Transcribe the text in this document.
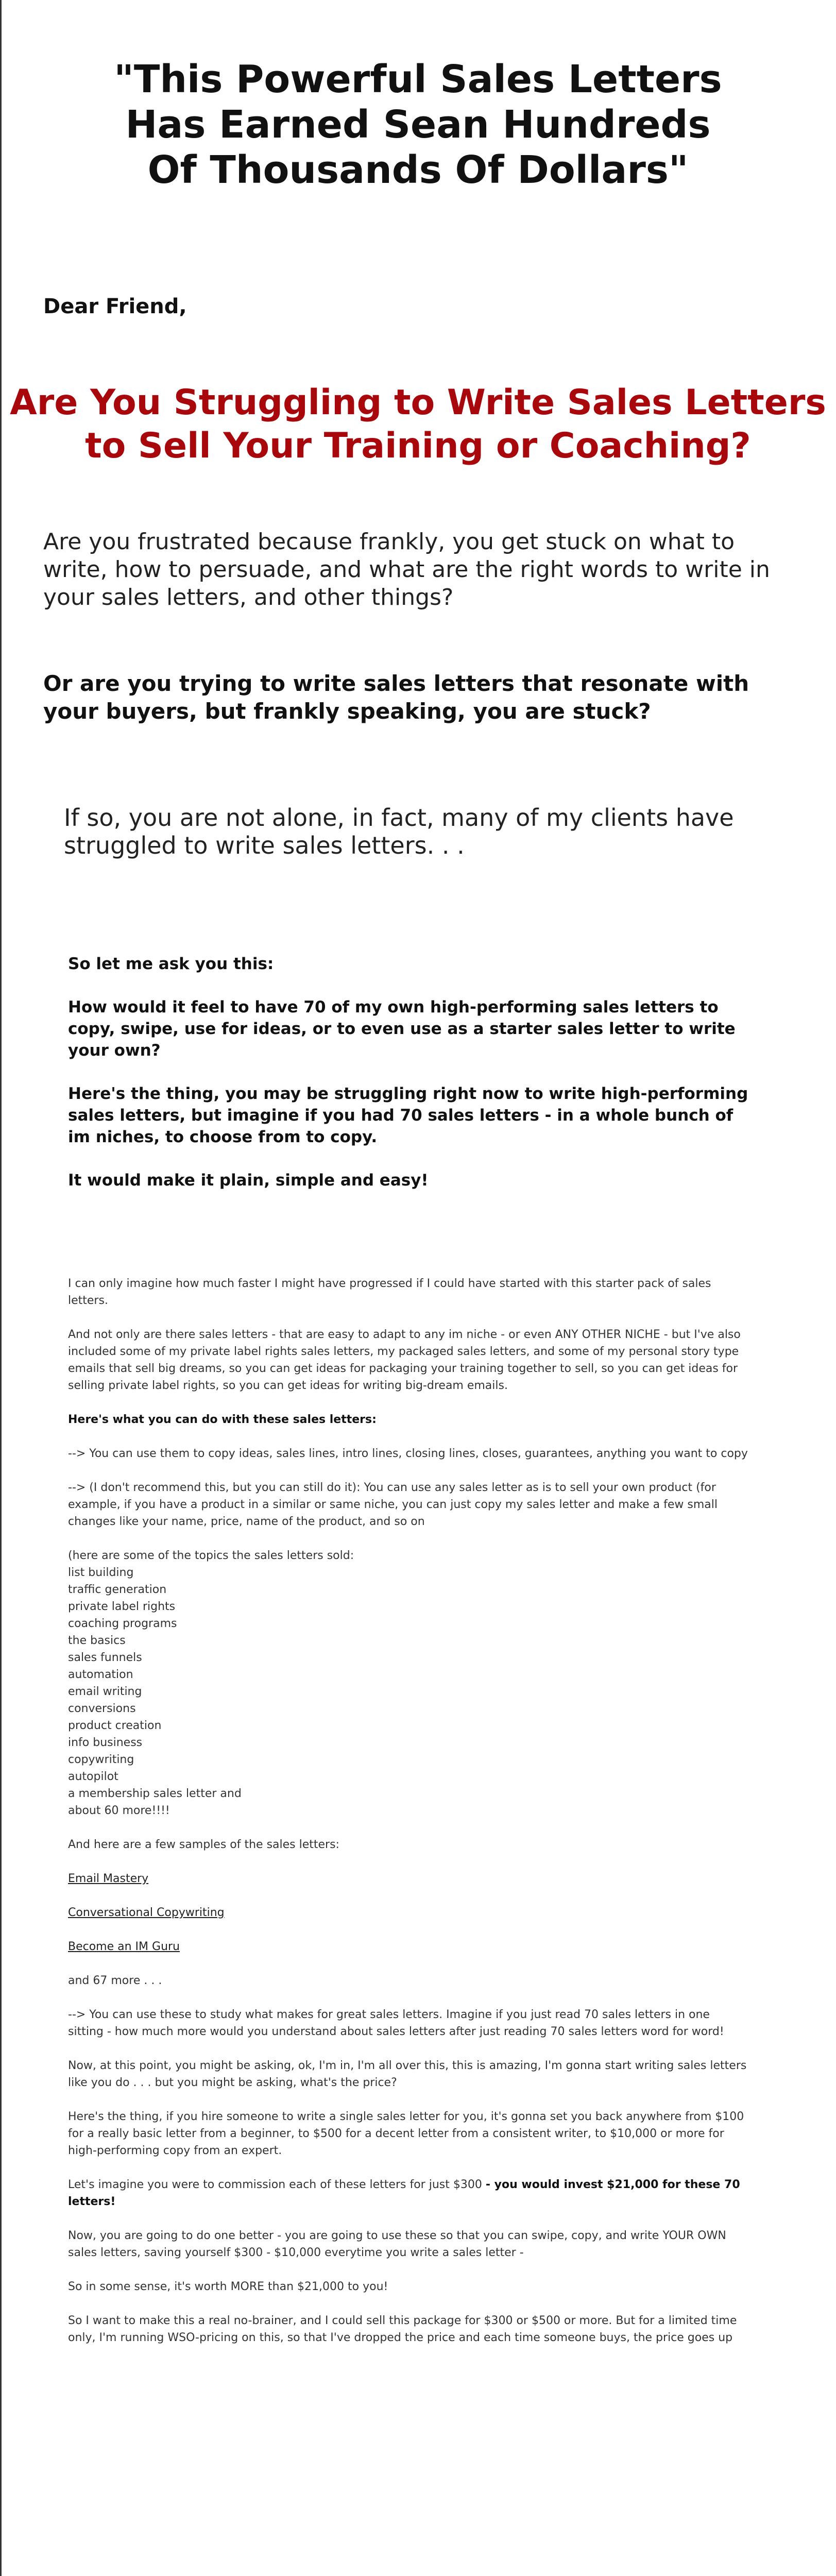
"This Powerful Sales Letters
Has Earned Sean Hundreds
Of Thousands Of Dollars"
Dear Friend,
Are You Struggling to Write Sales Letters
to Sell Your Training or Coaching?
Are you frustrated because frankly, you get stuck on what to write, how to persuade, and what are the right words to write in your sales letters, and other things?
Or are you trying to write sales letters that resonate with your buyers, but frankly speaking, you are stuck?
If so, you are not alone, in fact, many of my clients have struggled to write sales letters. . .

So let me ask you this:

How would it feel to have 70 of my own high-performing sales letters to copy, swipe, use for ideas, or to even use as a starter sales letter to write your own?

Here's the thing, you may be struggling right now to write high-performing sales letters, but imagine if you had 70 sales letters - in a whole bunch of im niches, to choose from to copy.

It would make it plain, simple and easy!

I can only imagine how much faster I might have progressed if I could have started with this starter pack of sales letters.

And not only are there sales letters - that are easy to adapt to any im niche - or even ANY OTHER NICHE - but I've also included some of my private label rights sales letters, my packaged sales letters, and some of my personal story type emails that sell big dreams, so you can get ideas for packaging your training together to sell, so you can get ideas for selling private label rights, so you can get ideas for writing big-dream emails.

Here's what you can do with these sales letters:

--> You can use them to copy ideas, sales lines, intro lines, closing lines, closes, guarantees, anything you want to copy

--> (I don't recommend this, but you can still do it): You can use any sales letter as is to sell your own product (for example, if you have a product in a similar or same niche, you can just copy my sales letter and make a few small changes like your name, price, name of the product, and so on

(here are some of the topics the sales letters sold:
list building
traffic generation
private label rights
coaching programs
the basics
sales funnels
automation
email writing
conversions
product creation
info business
copywriting
autopilot
a membership sales letter and
about 60 more!!!!

And here are a few samples of the sales letters:

Email Mastery

Conversational Copywriting

Become an IM Guru

and 67 more . . .

--> You can use these to study what makes for great sales letters. Imagine if you just read 70 sales letters in one sitting - how much more would you understand about sales letters after just reading 70 sales letters word for word!

Now, at this point, you might be asking, ok, I'm in, I'm all over this, this is amazing, I'm gonna start writing sales letters like you do . . . but you might be asking, what's the price?

Here's the thing, if you hire someone to write a single sales letter for you, it's gonna set you back anywhere from $100 for a really basic letter from a beginner, to $500 for a decent letter from a consistent writer, to $10,000 or more for high-performing copy from an expert.

Let's imagine you were to commission each of these letters for just $300 - you would invest $21,000 for these 70 letters!

Now, you are going to do one better - you are going to use these so that you can swipe, copy, and write YOUR OWN sales letters, saving yourself $300 - $10,000 everytime you write a sales letter -

So in some sense, it's worth MORE than $21,000 to you!

So I want to make this a real no-brainer, and I could sell this package for $300 or $500 or more. But for a limited time only, I'm running WSO-pricing on this, so that I've dropped the price and each time someone buys, the price goes up
